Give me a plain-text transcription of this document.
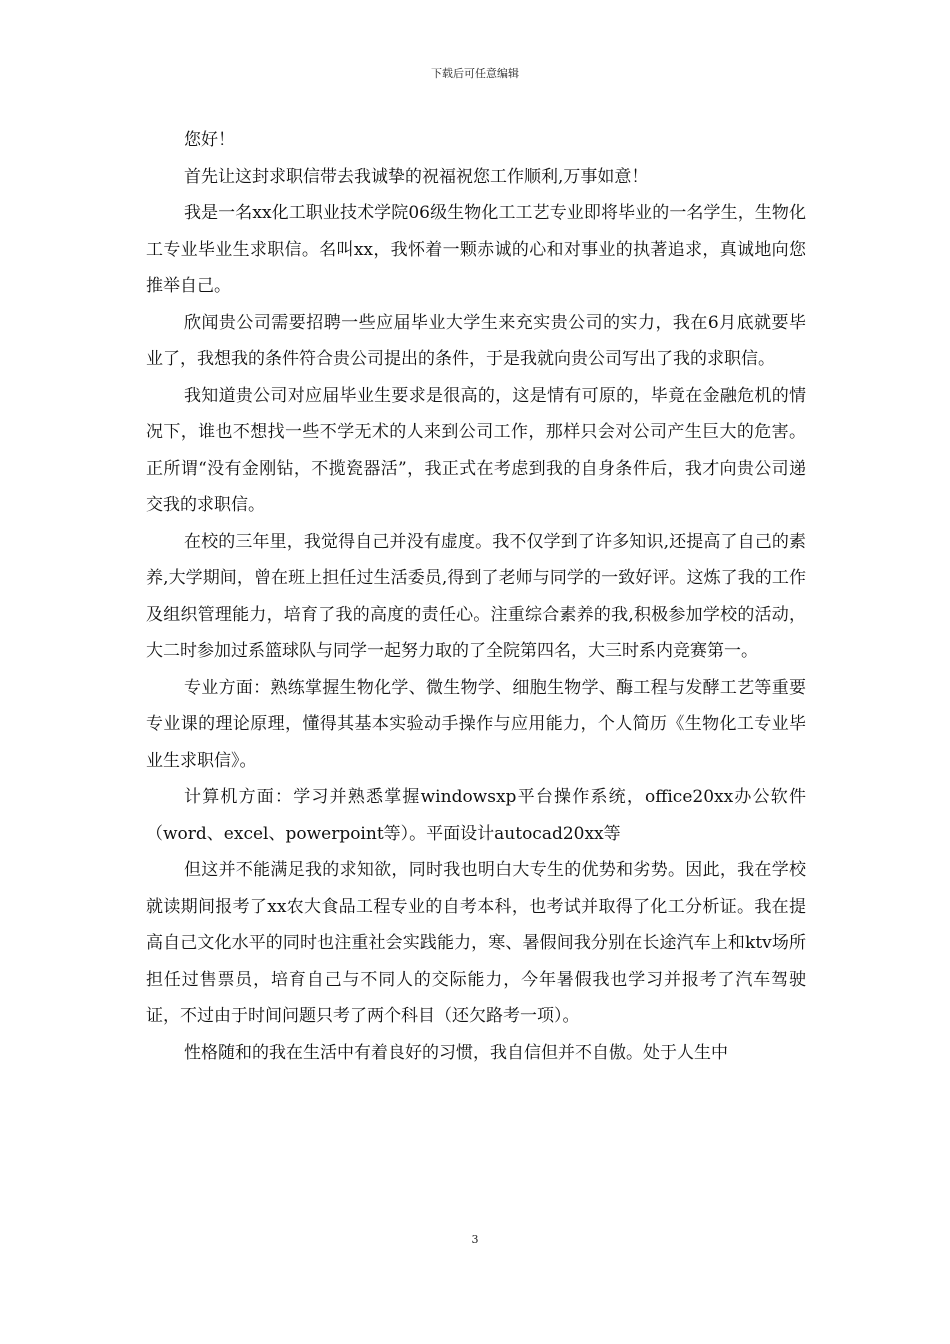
下载后可任意编辑

您好！

首先让这封求职信带去我诚挚的祝福祝您工作顺利,万事如意！

我是一名xx化工职业技术学院06级生物化工工艺专业即将毕业的一名学生，生物化工专业毕业生求职信。名叫xx，我怀着一颗赤诚的心和对事业的执著追求，真诚地向您推举自己。

欣闻贵公司需要招聘一些应届毕业大学生来充实贵公司的实力，我在6月底就要毕业了，我想我的条件符合贵公司提出的条件，于是我就向贵公司写出了我的求职信。

我知道贵公司对应届毕业生要求是很高的，这是情有可原的，毕竟在金融危机的情况下，谁也不想找一些不学无术的人来到公司工作，那样只会对公司产生巨大的危害。正所谓“没有金刚钻，不揽瓷器活”，我正式在考虑到我的自身条件后，我才向贵公司递交我的求职信。

在校的三年里，我觉得自己并没有虚度。我不仅学到了许多知识,还提高了自己的素养,大学期间，曾在班上担任过生活委员,得到了老师与同学的一致好评。这炼了我的工作及组织管理能力，培育了我的高度的责任心。注重综合素养的我,积极参加学校的活动，大二时参加过系篮球队与同学一起努力取的了全院第四名，大三时系内竞赛第一。

专业方面：熟练掌握生物化学、微生物学、细胞生物学、酶工程与发酵工艺等重要专业课的理论原理，懂得其基本实验动手操作与应用能力，个人简历《生物化工专业毕业生求职信》。

计算机方面：学习并熟悉掌握windowsxp平台操作系统，office20xx办公软件（word、excel、powerpoint等）。平面设计autocad20xx等

但这并不能满足我的求知欲，同时我也明白大专生的优势和劣势。因此，我在学校就读期间报考了xx农大食品工程专业的自考本科，也考试并取得了化工分析证。我在提高自己文化水平的同时也注重社会实践能力，寒、暑假间我分别在长途汽车上和ktv场所担任过售票员，培育自己与不同人的交际能力，今年暑假我也学习并报考了汽车驾驶证，不过由于时间问题只考了两个科目（还欠路考一项）。

性格随和的我在生活中有着良好的习惯，我自信但并不自傲。处于人生中

3
